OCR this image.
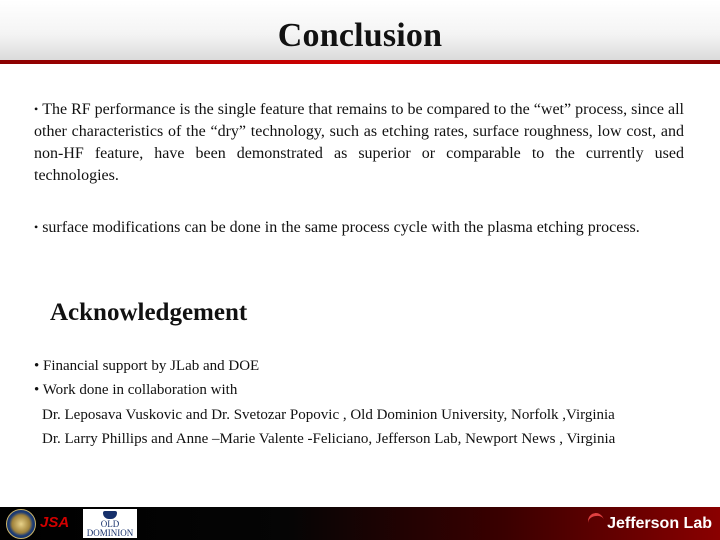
Conclusion
• The RF performance is the single feature that remains to be compared to the “wet” process, since all other characteristics of the “dry” technology, such as etching rates, surface roughness, low cost, and non-HF feature, have been demonstrated as superior or comparable to the currently used technologies.
• surface modifications can be done in the same process cycle with the plasma etching process.
Acknowledgement
• Financial support by JLab and DOE
• Work done in collaboration with
Dr. Leposava Vuskovic and Dr. Svetozar Popovic , Old Dominion University, Norfolk ,Virginia
Dr. Larry Phillips and Anne –Marie Valente -Feliciano, Jefferson Lab, Newport News , Virginia
JSA	OLD
DOMINION
Jefferson Lab
